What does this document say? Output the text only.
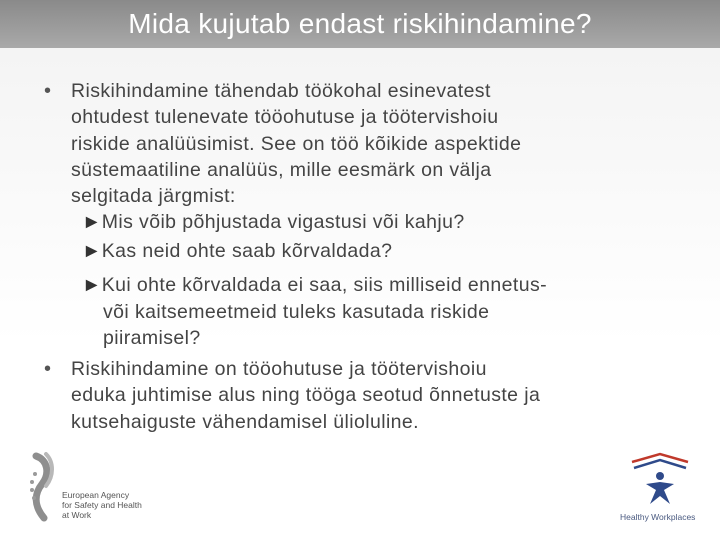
Mida kujutab endast riskihindamine?
• Riskihindamine tähendab töökohal esinevatest
ohtudest tulenevate tööohutuse ja töötervishoiu
riskide analüüsimist. See on töö kõikide aspektide
süstemaatiline analüüs, mille eesmärk on välja
selgitada järgmist:
►Mis võib põhjustada vigastusi või kahju?
►Kas neid ohte saab kõrvaldada?
►Kui ohte kõrvaldada ei saa, siis milliseid ennetus-
või kaitsemeetmeid tuleks kasutada riskide
piiramisel?
• Riskihindamine on tööohutuse ja töötervishoiu
eduka juhtimise alus ning tööga seotud õnnetuste ja
kutsehaiguste vähendamisel ülioluline.
European Agency
for Safety and Health
at Work	Healthy Workplaces
